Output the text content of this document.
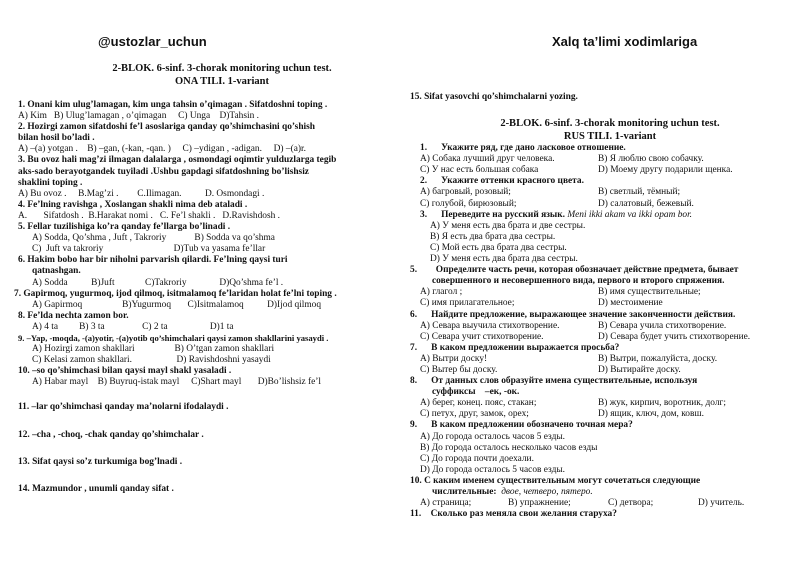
@ustozlar_uchun	Xalq ta’limi xodimlariga
2-BLOK. 6-sinf. 3-chorak monitoring uchun test.
ONA TILI. 1-variant
1. Onani kim ulug’lamagan, kim unga tahsin o’qimagan . Sifatdoshni toping .
A) Kim   B) Ulug’lamagan , o’qimagan     C) Unga    D)Tahsin .
2. Hozirgi zamon sifatdoshi fe’l asoslariga qanday qo’shimchasini qo’shish
bilan hosil bo’ladi .
A) –(a) yotgan .    B) –gan, (-kan, -qan. )     C) –ydigan , -adigan.     D) –(a)r.
3. Bu ovoz hali mag’zi ilmagan dalalarga , osmondagi oqimtir yulduzlarga tegib
aks-sado berayotgandek tuyiladi .Ushbu gapdagi sifatdoshning bo’lishsiz
shaklini toping .
A) Bu ovoz .     B.Mag’zi .        C.Ilimagan.          D. Osmondagi .
4. Fe’lning ravishga , Xoslangan shakli nima deb ataladi .
A.       Sifatdosh .  B.Harakat nomi .   C. Fe’l shakli .   D.Ravishdosh .
5. Fellar tuzilishiga ko’ra qanday fe’llarga bo’linadi .
A) Sodda, Qo’shma , Juft , Takroriy            B) Sodda va qo’shma
C)  Juft va takroriy                              D)Tub va yasama fe’llar
6. Hakim bobo har bir niholni parvarish qilardi. Fe’lning qaysi turi
qatnashgan.
A) Sodda          B)Juft             C)Takroriy              D)Qo’shma fe’l .
7. Gapirmoq, yugurmoq, ijod qilmoq, isitmalamoq fe’laridan holat fe’lni toping .
A) Gapirmoq                 B)Yugurmoq       C)Isitmalamoq          D)Ijod qilmoq
8. Fe’lda nechta zamon bor.
A) 4 ta         B) 3 ta                C) 2 ta                  D)1 ta
9. –Yap, -moqda, -(a)yotir, -(a)yotib qo’shimchalari qaysi zamon shakllarini yasaydi .
A) Hozirgi zamon shakllari                 B) O’tgan zamon shakllari
C) Kelasi zamon shakllari.                   D) Ravishdoshni yasaydi
10. –so qo’shimchasi bilan qaysi mayl shakl yasaladi .
A) Habar mayl    B) Buyruq-istak mayl     C)Shart mayl       D)Bo’lishsiz fe’l
11. –lar qo’shimchasi qanday ma’nolarni ifodalaydi .
12. –cha , -choq, -chak qanday qo’shimchalar .
13. Sifat qaysi so’z turkumiga bog’lnadi .
14. Mazmundor , unumli qanday sifat .
15. Sifat yasovchi qo’shimchalarni yozing.
2-BLOK. 6-sinf. 3-chorak monitoring uchun test.
RUS TILI. 1-variant
1.      Укажите ряд, где дано ласковое отношение.
A) Собака лучший друг человека.	B) Я люблю свою собачку.
C) У нас есть большая собака	D) Моему другу подарили щенка.
2.      Укажите оттенки красного цвета.
A) багровый, розовый;	B) светлый, тёмный;
C) голубой, бирюзовый;	D) салатовый, бежевый.
3.      Переведите на русский язык. Meni ikki akam va ikki opam bor.
A) У меня есть два брата и две сестры.
B) Я есть два брата два сестры.
C) Мой есть два брата два сестры.
D) У меня есть два брата два сестры.
5.        Определите часть речи, которая обозначает действие предмета, бывает
совершенного и несовершенного вида, первого и второго спряжения.
A) глагол ;	B) имя существительные;
C) имя прилагательное;	D) местоимение
6.      Найдите предложение, выражающее значение законченности действия.
A) Севара выучила стихотворение.	B) Севара учила стихотворение.
C) Севара учит стихотворение.	D) Севара будет учить стихотворение.
7.      В каком предложении выражается просьба?
A) Вытри доску!	B) Вытри, пожалуйста, доску.
C) Вытер бы доску.	D) Вытирайте доску.
8.      От данных слов образуйте имена существительные, используя
суффиксы    –ек, -ок.
A) берег, конец. пояс, стакан;	B) жук, кирпич, воротник, долг;
C) петух, друг, замок, орех;	D) ящик, ключ, дом, ковш.
9.      В каком предложении обозначено точная мера?
A) До города осталось часов 5 езды.
B) До города осталось несколько часов езды
C) До города почти доехали.
D) До города осталось 5 часов езды.
10. С каким именем существительным могут сочетаться следующие
числительные:  двое, четверо, пятеро.
A) страница;	B) упражнение;	C) детвора;	D) учитель.
11.    Сколько раз меняла свои желания старуха?
